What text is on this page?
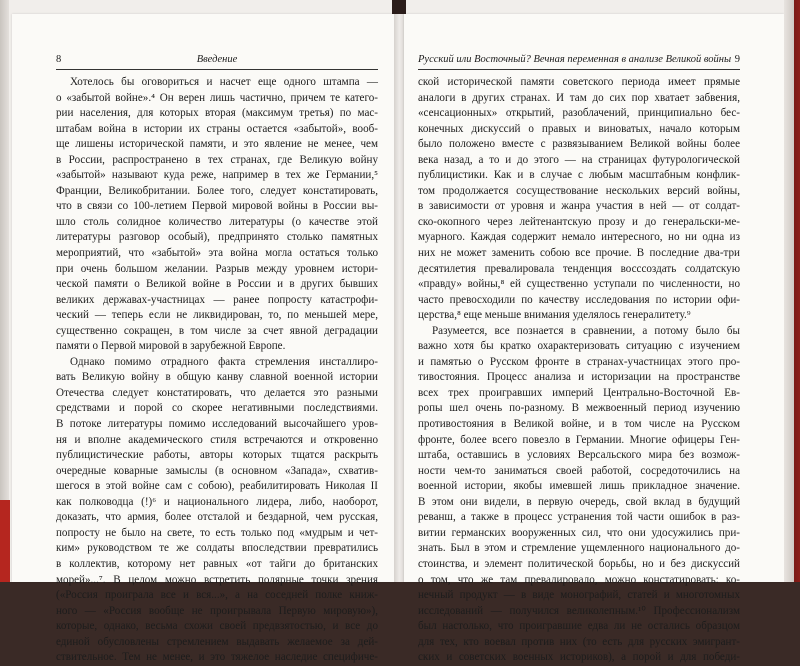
8	Введение
Хотелось бы оговориться и насчет еще одного штампа —
о «забытой войне».⁴ Он верен лишь частично, причем те катего-
рии населения, для которых вторая (максимум третья) по мас-
штабам война в истории их страны остается «забытой», вооб-
ще лишены исторической памяти, и это явление не менее, чем
в России, распространено в тех странах, где Великую войну
«забытой» называют куда реже, например в тех же Германии,⁵
Франции, Великобритании. Более того, следует констатировать,
что в связи со 100-летием Первой мировой войны в России вы-
шло столь солидное количество литературы (о качестве этой
литературы разговор особый), предпринято столько памятных
мероприятий, что «забытой» эта война могла остаться только
при очень большом желании. Разрыв между уровнем истори-
ческой памяти о Великой войне в России и в других бывших
великих державах-участницах — ранее попросту катастрофи-
ческий — теперь если не ликвидирован, то, по меньшей мере,
существенно сокращен, в том числе за счет явной деградации
памяти о Первой мировой в зарубежной Европе.
Однако помимо отрадного факта стремления инсталлиро-
вать Великую войну в общую канву славной военной истории
Отечества следует констатировать, что делается это разными
средствами и порой со скорее негативными последствиями.
В потоке литературы помимо исследований высочайшего уров-
ня и вполне академического стиля встречаются и откровенно
публицистические работы, авторы которых тщатся раскрыть
очередные коварные замыслы (в основном «Запада», схватив-
шегося в этой войне сам с собою), реабилитировать Николая II
как полководца (!)⁶ и национального лидера, либо, наоборот,
доказать, что армия, более отсталой и бездарной, чем русская,
попросту не было на свете, то есть только под «мудрым и чет-
ким» руководством те же солдаты впоследствии превратились
в коллектив, которому нет равных «от тайги до британских
морей»...⁷. В целом можно встретить полярные точки зрения
(«Россия проиграла все и вся...», а на соседней полке книж-
ного — «Россия вообще не проигрывала Первую мировую»),
которые, однако, весьма схожи своей предвзятостью, и все до
единой обусловлены стремлением выдавать желаемое за дей-
ствительное. Тем не менее, и это тяжелое наследие специфиче-
Русский или Восточный? Вечная переменная в анализе Великой войны 9
ской исторической памяти советского периода имеет прямые
аналоги в других странах. И там до сих пор хватает забвения,
«сенсационных» открытий, разоблачений, принципиально бес-
конечных дискуссий о правых и виноватых, начало которым
было положено вместе с развязыванием Великой войны более
века назад, а то и до этого — на страницах футурологической
публицистики. Как и в случае с любым масштабным конфлик-
том продолжается сосуществование нескольких версий войны,
в зависимости от уровня и жанра участия в ней — от солдат-
ско-окопного через лейтенантскую прозу и до генеральски-ме-
муарного. Каждая содержит немало интересного, но ни одна из
них не может заменить собою все прочие. В последние два-три
десятилетия превалировала тенденция восссоздать солдатскую
«правду» войны,⁸ ей существенно уступали по численности, но
часто превосходили по качеству исследования по истории офи-
церства,⁸ еще меньше внимания уделялось генералитету.⁹
Разумеется, все познается в сравнении, а потому было бы
важно хотя бы кратко охарактеризовать ситуацию с изучением
и памятью о Русском фронте в странах-участницах этого про-
тивостояния. Процесс анализа и историзации на пространстве
всех трех проигравших империй Центрально-Восточной Ев-
ропы шел очень по-разному. В межвоенный период изучению
противостояния в Великой войне, и в том числе на Русском
фронте, более всего повезло в Германии. Многие офицеры Ген-
штаба, оставшись в условиях Версальского мира без возмож-
ности чем-то заниматься своей работой, сосредоточились на
военной истории, якобы имевшей лишь прикладное значение.
В этом они видели, в первую очередь, свой вклад в будущий
реванш, а также в процесс устранения той части ошибок в раз-
витии германских вооруженных сил, что они удосужились при-
знать. Был в этом и стремление ущемленного национального до-
стоинства, и элемент политической борьбы, но и без дискуссий
о том, что же там превалировало, можно констатировать: ко-
нечный продукт — в виде монографий, статей и многотомных
исследований — получился великолепным.¹⁰ Профессионализм
был настолько, что проигравшие едва ли не остались образцом
для тех, кто воевал против них (то есть для русских эмигрант-
ских и советских военных историков), а порой и для победи-
